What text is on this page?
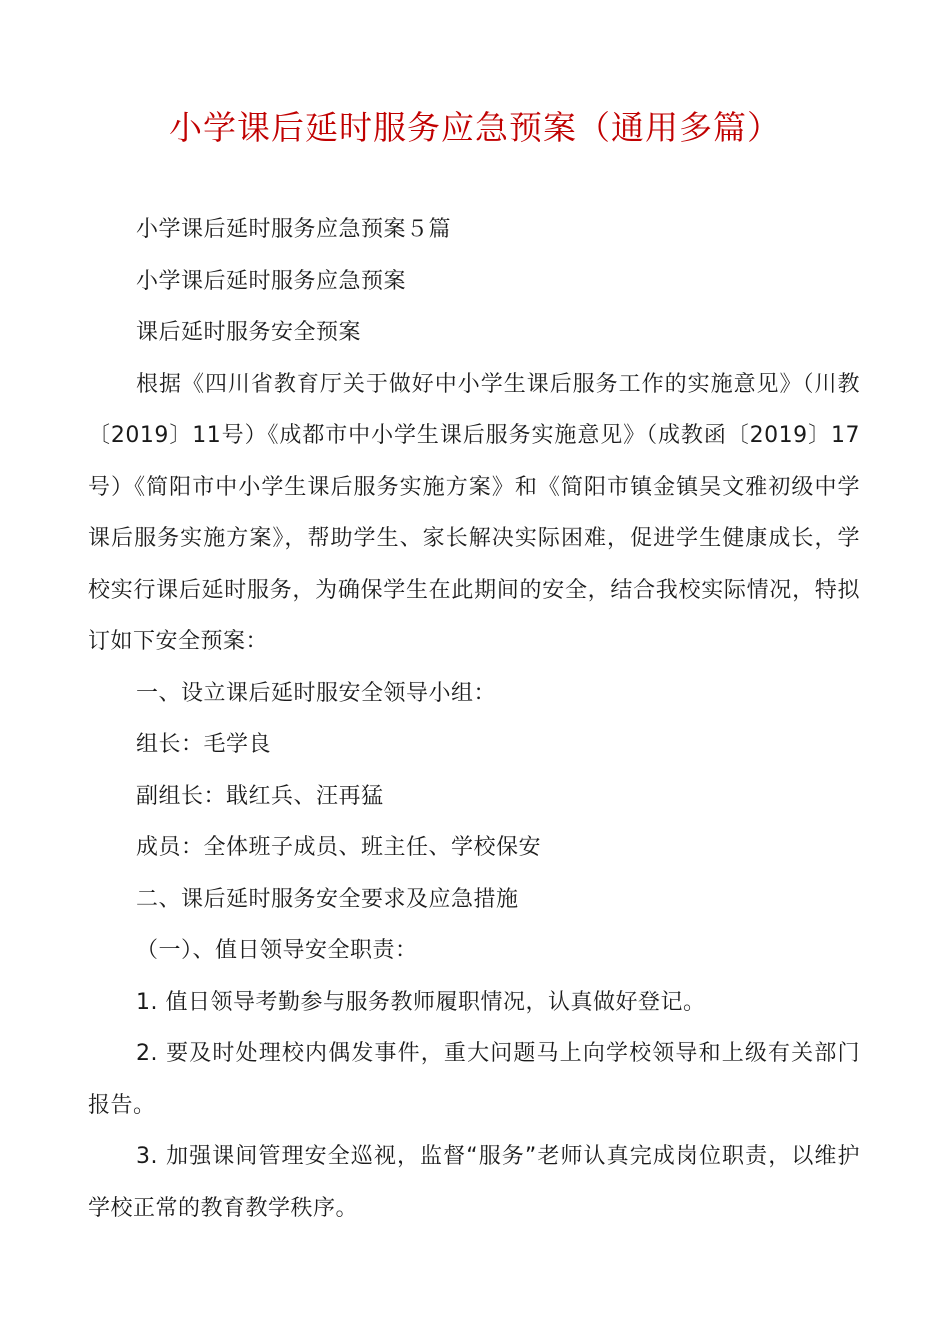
小学课后延时服务应急预案（通用多篇）

小学课后延时服务应急预案５篇

小学课后延时服务应急预案

课后延时服务安全预案

根据《四川省教育厅关于做好中小学生课后服务工作的实施意见》（川教〔2019〕11号）《成都市中小学生课后服务实施意见》（成教函〔2019〕17号）《简阳市中小学生课后服务实施方案》和《简阳市镇金镇吴文雅初级中学课后服务实施方案》，帮助学生、家长解决实际困难，促进学生健康成长，学校实行课后延时服务，为确保学生在此期间的安全，结合我校实际情况，特拟订如下安全预案：

一、设立课后延时服安全领导小组：

组长：毛学良

副组长：戢红兵、汪再猛

成员：全体班子成员、班主任、学校保安

二、课后延时服务安全要求及应急措施

（一）、值日领导安全职责：

1. 值日领导考勤参与服务教师履职情况，认真做好登记。

2. 要及时处理校内偶发事件，重大问题马上向学校领导和上级有关部门报告。

3. 加强课间管理安全巡视，监督“服务”老师认真完成岗位职责，以维护学校正常的教育教学秩序。
